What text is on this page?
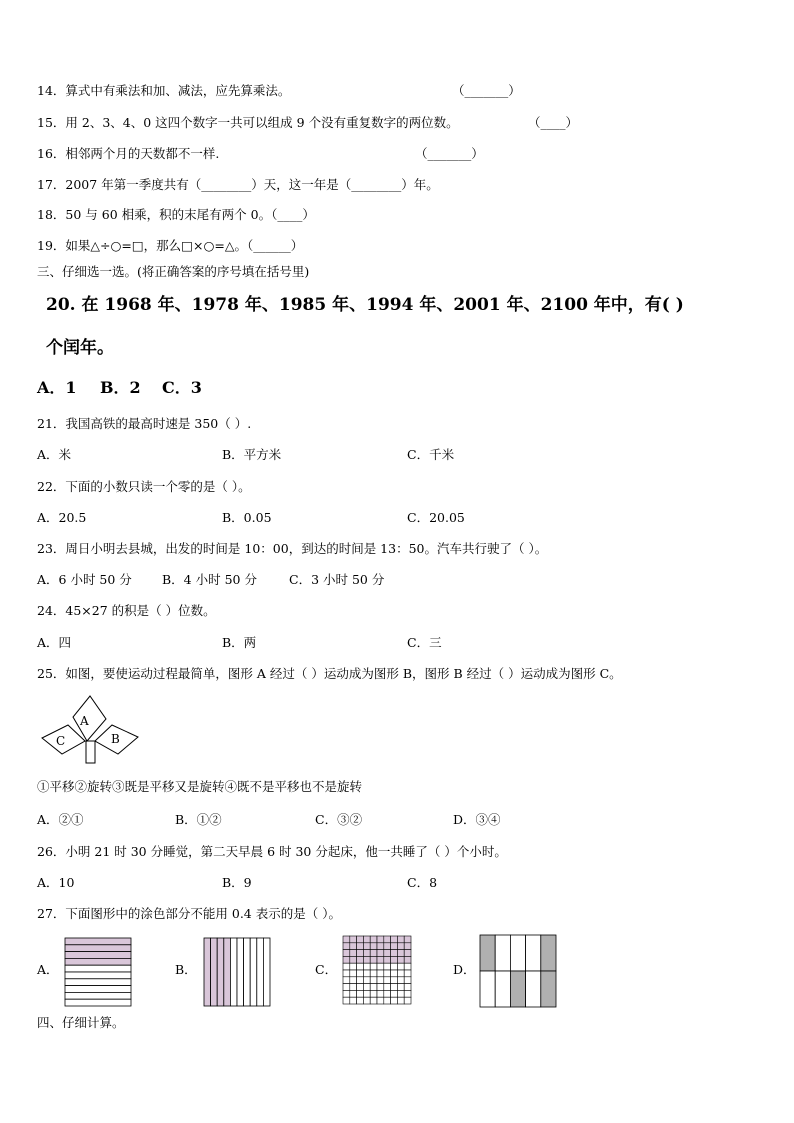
14．算式中有乘法和加、减法，应先算乘法。	（_______）
15．用 2、3、4、0 这四个数字一共可以组成 9 个没有重复数字的两位数。	（____）
16．相邻两个月的天数都不一样.	（_______）
17．2007 年第一季度共有（________）天，这一年是（________）年。
18．50 与 60 相乘，积的末尾有两个 0。（____）
19．如果△÷○=□，那么□×○=△。（______）
三、仔细选一选。(将正确答案的序号填在括号里)
20. 在 1968 年、1978 年、1985 年、1994 年、2001 年、2100 年中，有( )
个闰年。
A．1 B．2 C．3
21．我国高铁的最高时速是 350（ ）.
A．米	B．平方米	C．千米
22．下面的小数只读一个零的是（ ）。
A．20.5	B．0.05	C．20.05
23．周日小明去县城，出发的时间是 10：00，到达的时间是 13：50。汽车共行驶了（ ）。
A．6 小时 50 分 B．4 小时 50 分	C．3 小时 50 分
24．45×27 的积是（ ）位数。
A．四	B．两	C．三
25．如图，要使运动过程最简单，图形 A 经过（ ）运动成为图形 B，图形 B 经过（ ）运动成为图形 C。
A
B
C
①平移②旋转③既是平移又是旋转④既不是平移也不是旋转
A．②①	B．①②	C．③②	D．③④
26．小明 21 时 30 分睡觉，第二天早晨 6 时 30 分起床，他一共睡了（ ）个小时。
A．10	B．9	C．8
27．下面图形中的涂色部分不能用 0.4 表示的是（ ）。
A．	B．	C．	D．
四、仔细计算。
